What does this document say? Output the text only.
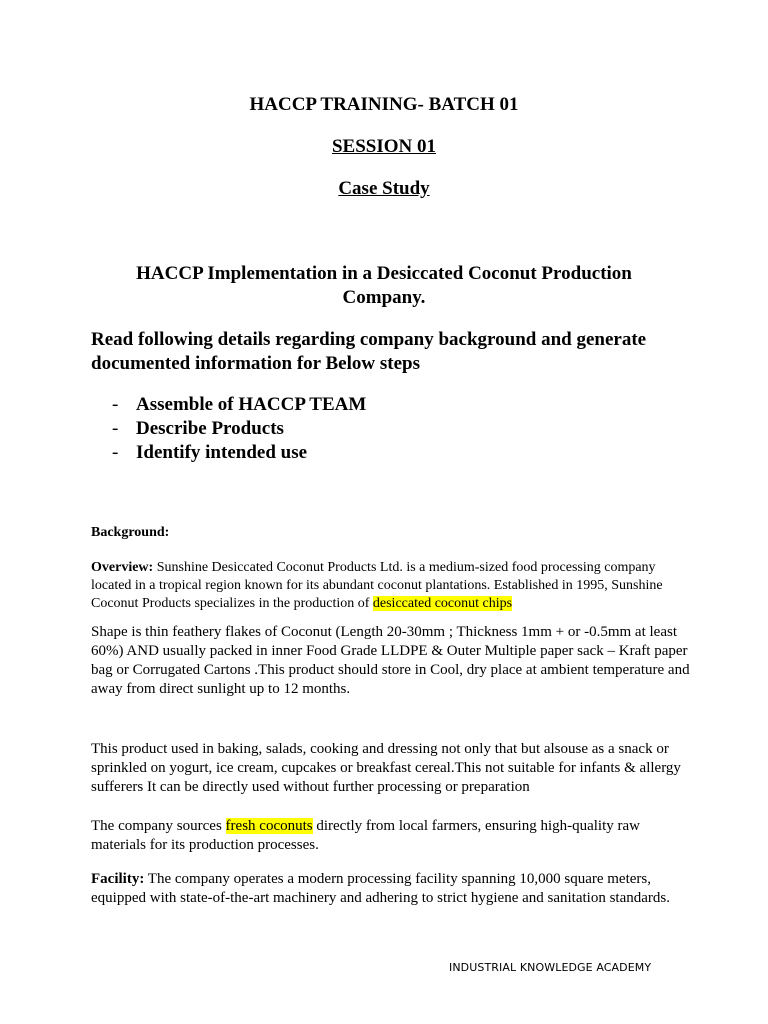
HACCP TRAINING- BATCH 01

SESSION 01

Case Study

HACCP Implementation in a Desiccated Coconut Production Company.

Read following details regarding company background and generate documented information for Below steps

- Assemble of HACCP TEAM
- Describe Products
- Identify intended use

Background:

Overview: Sunshine Desiccated Coconut Products Ltd. is a medium-sized food processing company located in a tropical region known for its abundant coconut plantations. Established in 1995, Sunshine Coconut Products specializes in the production of desiccated coconut chips

Shape is thin feathery flakes of Coconut (Length 20-30mm ; Thickness 1mm + or -0.5mm at least 60%) AND usually packed in inner Food Grade LLDPE & Outer Multiple paper sack – Kraft paper bag or Corrugated Cartons .This product should store in Cool, dry place at ambient temperature and away from direct sunlight up to 12 months.

This product used in baking, salads, cooking and dressing not only that but alsouse as a snack or sprinkled on yogurt, ice cream, cupcakes or breakfast cereal.This not suitable for infants & allergy sufferers It can be directly used without further processing or preparation

The company sources fresh coconuts directly from local farmers, ensuring high-quality raw materials for its production processes.

Facility: The company operates a modern processing facility spanning 10,000 square meters, equipped with state-of-the-art machinery and adhering to strict hygiene and sanitation standards.

INDUSTRIAL KNOWLEDGE ACADEMY
